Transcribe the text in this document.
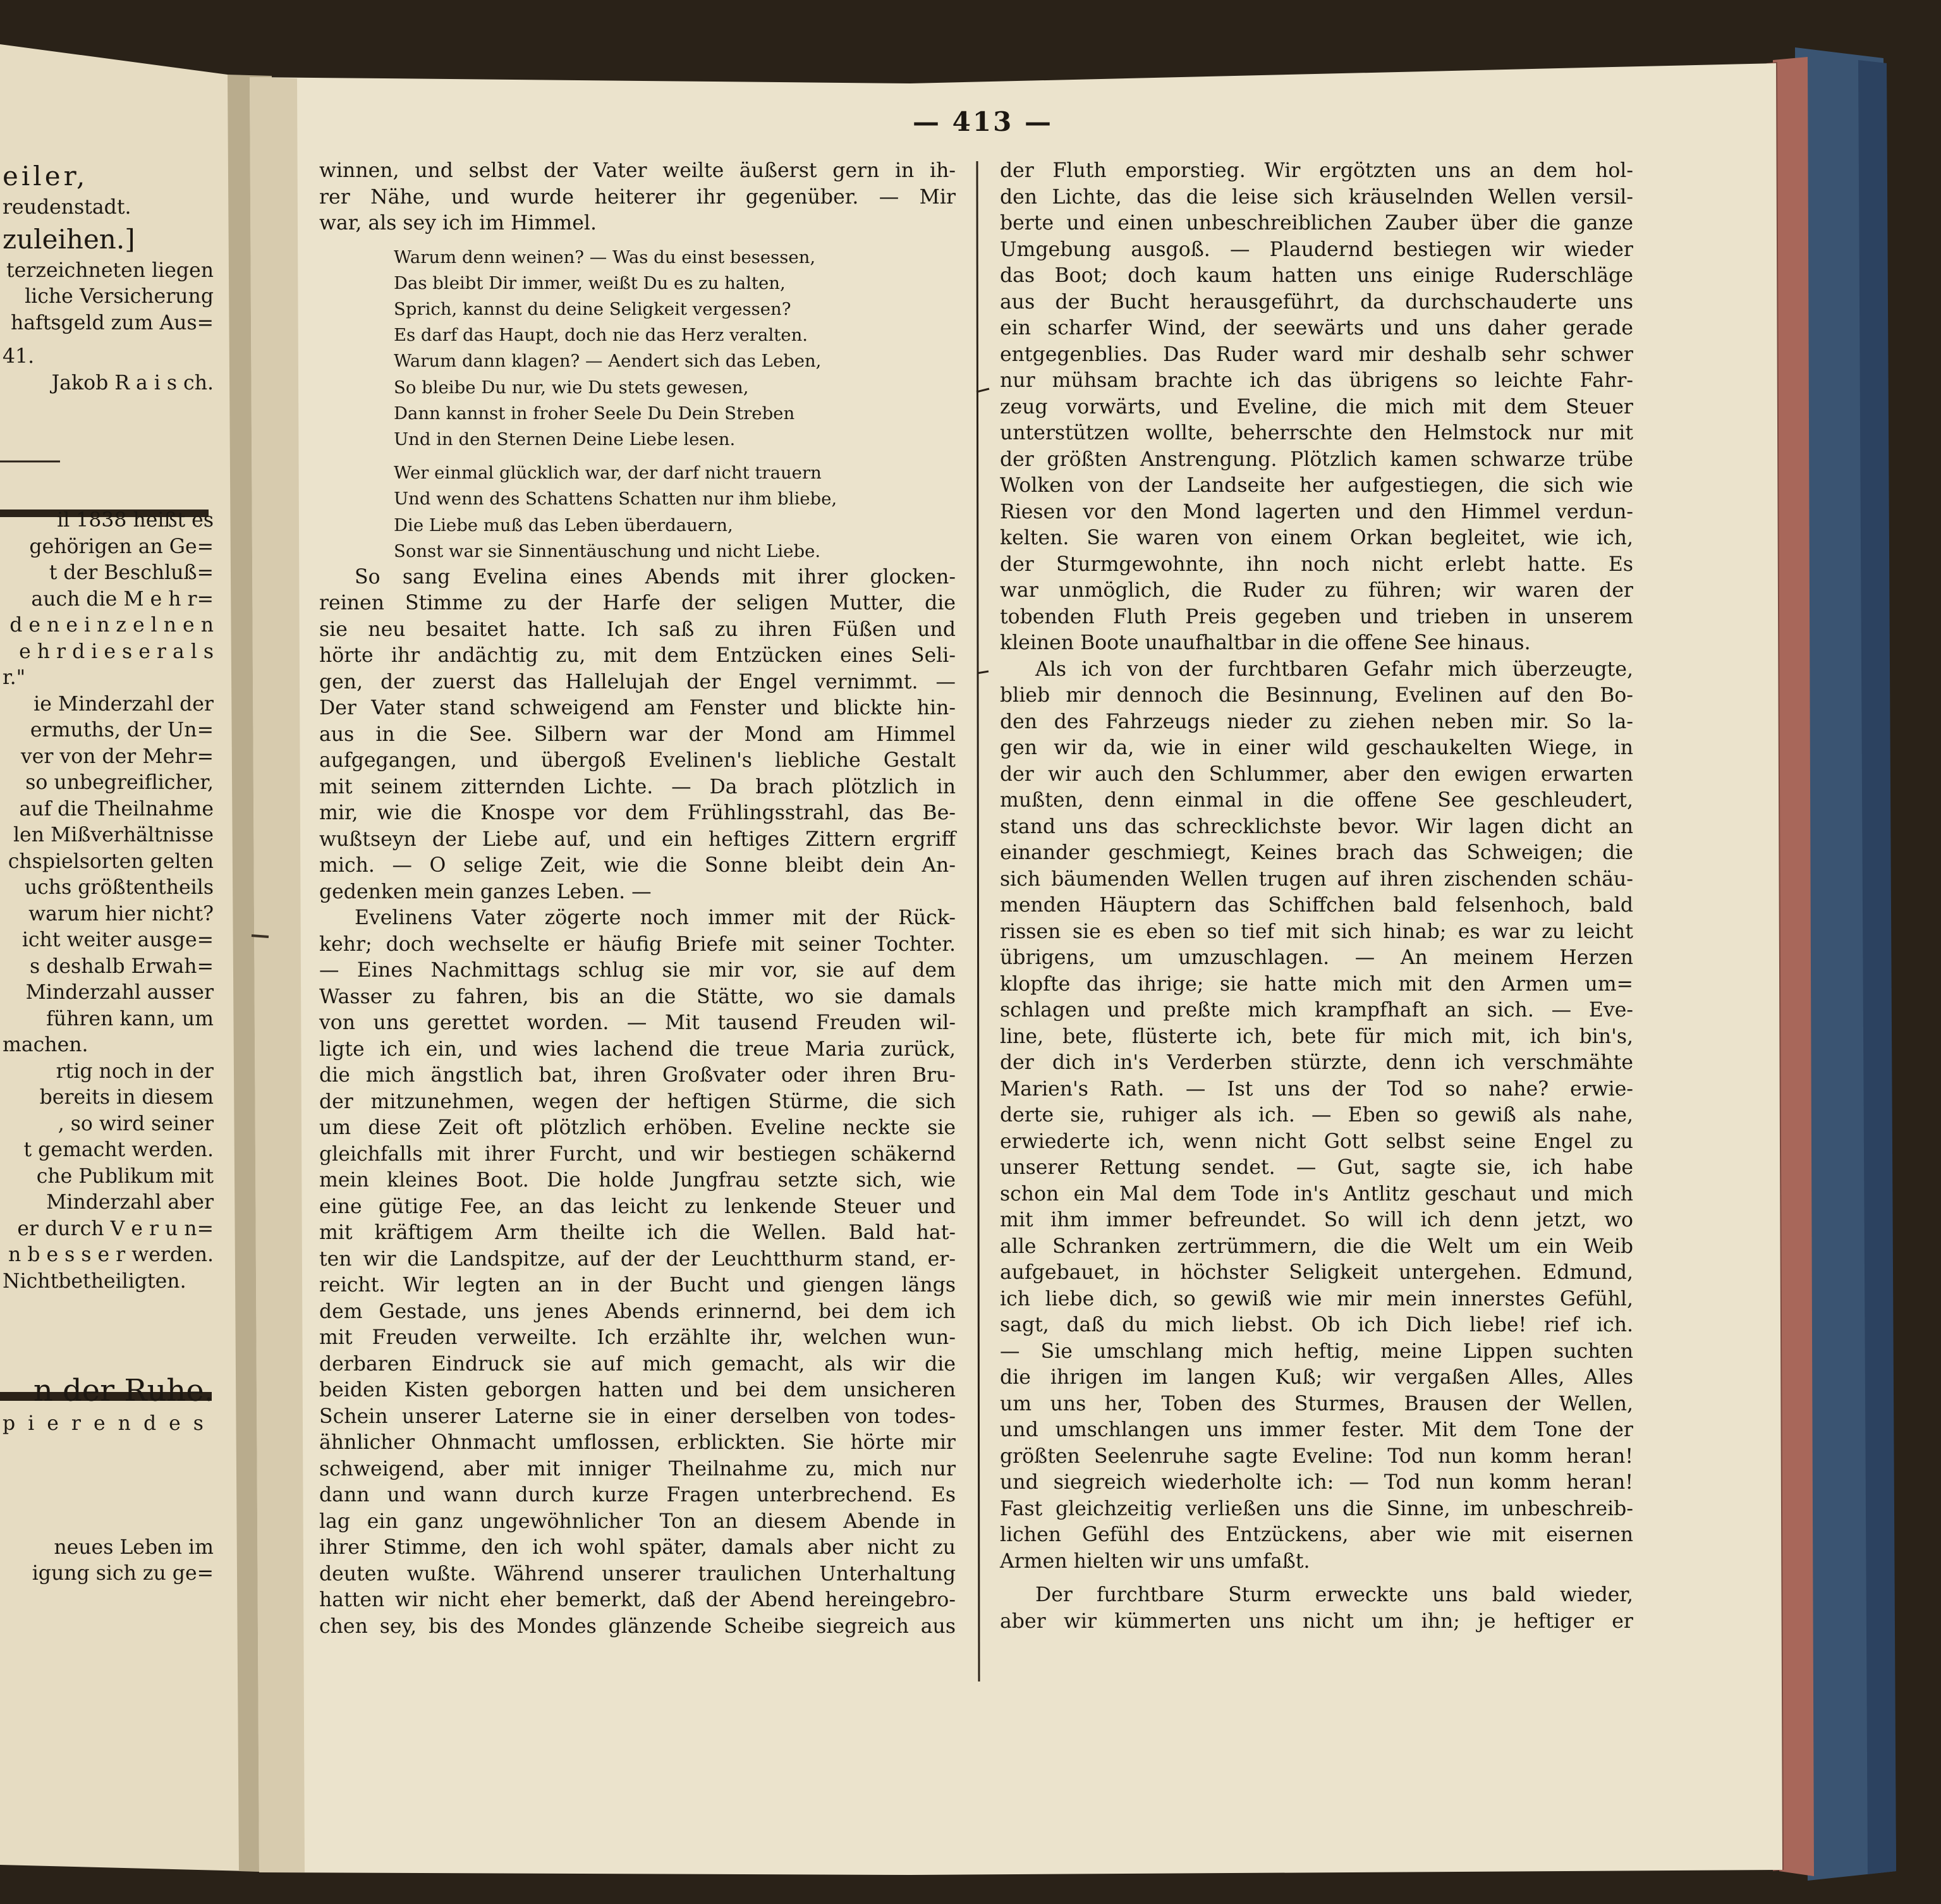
— 413 —
eiler,
reudenstadt.
zuleihen.]
terzeichneten liegen
liche Versicherung
haftsgeld zum Aus=
41.
Jakob R a i s ch.
il 1838 heißt es
gehörigen an Ge=
t der Beschluß=
auch die M e h r=
d e n e i n z e l n e n
e h r d i e s e r a l s
r."
ie Minderzahl der
ermuths, der Un=
ver von der Mehr=
so unbegreiflicher,
auf die Theilnahme
len Mißverhältnisse
chspielsorten gelten
uchs größtentheils
warum hier nicht?
icht weiter ausge=
s deshalb Erwah=
Minderzahl ausser
führen kann, um
machen.
rtig noch in der
bereits in diesem
, so wird seiner
t gemacht werden.
che Publikum mit
Minderzahl aber
er durch V e r u n=
n b e s s e r werden.
Nichtbetheiligten.
n der Ruhe.
p i e r e n d e s
neues Leben im
igung sich zu ge=
winnen, und selbst der Vater weilte äußerst gern in ih-
rer Nähe, und wurde heiterer ihr gegenüber. — Mir
war, als sey ich im Himmel.
Warum denn weinen? — Was du einst besessen,
Das bleibt Dir immer, weißt Du es zu halten,
Sprich, kannst du deine Seligkeit vergessen?
Es darf das Haupt, doch nie das Herz veralten.
Warum dann klagen? — Aendert sich das Leben,
So bleibe Du nur, wie Du stets gewesen,
Dann kannst in froher Seele Du Dein Streben
Und in den Sternen Deine Liebe lesen.
Wer einmal glücklich war, der darf nicht trauern
Und wenn des Schattens Schatten nur ihm bliebe,
Die Liebe muß das Leben überdauern,
Sonst war sie Sinnentäuschung und nicht Liebe.
So sang Evelina eines Abends mit ihrer glocken-
reinen Stimme zu der Harfe der seligen Mutter, die
sie neu besaitet hatte. Ich saß zu ihren Füßen und
hörte ihr andächtig zu, mit dem Entzücken eines Seli-
gen, der zuerst das Hallelujah der Engel vernimmt. —
Der Vater stand schweigend am Fenster und blickte hin-
aus in die See. Silbern war der Mond am Himmel
aufgegangen, und übergoß Evelinen's liebliche Gestalt
mit seinem zitternden Lichte. — Da brach plötzlich in
mir, wie die Knospe vor dem Frühlingsstrahl, das Be-
wußtseyn der Liebe auf, und ein heftiges Zittern ergriff
mich. — O selige Zeit, wie die Sonne bleibt dein An-
gedenken mein ganzes Leben. —
Evelinens Vater zögerte noch immer mit der Rück-
kehr; doch wechselte er häufig Briefe mit seiner Tochter.
— Eines Nachmittags schlug sie mir vor, sie auf dem
Wasser zu fahren, bis an die Stätte, wo sie damals
von uns gerettet worden. — Mit tausend Freuden wil-
ligte ich ein, und wies lachend die treue Maria zurück,
die mich ängstlich bat, ihren Großvater oder ihren Bru-
der mitzunehmen, wegen der heftigen Stürme, die sich
um diese Zeit oft plötzlich erhöben. Eveline neckte sie
gleichfalls mit ihrer Furcht, und wir bestiegen schäkernd
mein kleines Boot. Die holde Jungfrau setzte sich, wie
eine gütige Fee, an das leicht zu lenkende Steuer und
mit kräftigem Arm theilte ich die Wellen. Bald hat-
ten wir die Landspitze, auf der der Leuchtthurm stand, er-
reicht. Wir legten an in der Bucht und giengen längs
dem Gestade, uns jenes Abends erinnernd, bei dem ich
mit Freuden verweilte. Ich erzählte ihr, welchen wun-
derbaren Eindruck sie auf mich gemacht, als wir die
beiden Kisten geborgen hatten und bei dem unsicheren
Schein unserer Laterne sie in einer derselben von todes-
ähnlicher Ohnmacht umflossen, erblickten. Sie hörte mir
schweigend, aber mit inniger Theilnahme zu, mich nur
dann und wann durch kurze Fragen unterbrechend. Es
lag ein ganz ungewöhnlicher Ton an diesem Abende in
ihrer Stimme, den ich wohl später, damals aber nicht zu
deuten wußte. Während unserer traulichen Unterhaltung
hatten wir nicht eher bemerkt, daß der Abend hereingebro-
chen sey, bis des Mondes glänzende Scheibe siegreich aus
der Fluth emporstieg. Wir ergötzten uns an dem hol-
den Lichte, das die leise sich kräuselnden Wellen versil-
berte und einen unbeschreiblichen Zauber über die ganze
Umgebung ausgoß. — Plaudernd bestiegen wir wieder
das Boot; doch kaum hatten uns einige Ruderschläge
aus der Bucht herausgeführt, da durchschauderte uns
ein scharfer Wind, der seewärts und uns daher gerade
entgegenblies. Das Ruder ward mir deshalb sehr schwer
nur mühsam brachte ich das übrigens so leichte Fahr-
zeug vorwärts, und Eveline, die mich mit dem Steuer
unterstützen wollte, beherrschte den Helmstock nur mit
der größten Anstrengung. Plötzlich kamen schwarze trübe
Wolken von der Landseite her aufgestiegen, die sich wie
Riesen vor den Mond lagerten und den Himmel verdun-
kelten. Sie waren von einem Orkan begleitet, wie ich,
der Sturmgewohnte, ihn noch nicht erlebt hatte. Es
war unmöglich, die Ruder zu führen; wir waren der
tobenden Fluth Preis gegeben und trieben in unserem
kleinen Boote unaufhaltbar in die offene See hinaus.
Als ich von der furchtbaren Gefahr mich überzeugte,
blieb mir dennoch die Besinnung, Evelinen auf den Bo-
den des Fahrzeugs nieder zu ziehen neben mir. So la-
gen wir da, wie in einer wild geschaukelten Wiege, in
der wir auch den Schlummer, aber den ewigen erwarten
mußten, denn einmal in die offene See geschleudert,
stand uns das schrecklichste bevor. Wir lagen dicht an
einander geschmiegt, Keines brach das Schweigen; die
sich bäumenden Wellen trugen auf ihren zischenden schäu-
menden Häuptern das Schiffchen bald felsenhoch, bald
rissen sie es eben so tief mit sich hinab; es war zu leicht
übrigens, um umzuschlagen. — An meinem Herzen
klopfte das ihrige; sie hatte mich mit den Armen um=
schlagen und preßte mich krampfhaft an sich. — Eve-
line, bete, flüsterte ich, bete für mich mit, ich bin's,
der dich in's Verderben stürzte, denn ich verschmähte
Marien's Rath. — Ist uns der Tod so nahe? erwie-
derte sie, ruhiger als ich. — Eben so gewiß als nahe,
erwiederte ich, wenn nicht Gott selbst seine Engel zu
unserer Rettung sendet. — Gut, sagte sie, ich habe
schon ein Mal dem Tode in's Antlitz geschaut und mich
mit ihm immer befreundet. So will ich denn jetzt, wo
alle Schranken zertrümmern, die die Welt um ein Weib
aufgebauet, in höchster Seligkeit untergehen. Edmund,
ich liebe dich, so gewiß wie mir mein innerstes Gefühl,
sagt, daß du mich liebst. Ob ich Dich liebe! rief ich.
— Sie umschlang mich heftig, meine Lippen suchten
die ihrigen im langen Kuß; wir vergaßen Alles, Alles
um uns her, Toben des Sturmes, Brausen der Wellen,
und umschlangen uns immer fester. Mit dem Tone der
größten Seelenruhe sagte Eveline: Tod nun komm heran!
und siegreich wiederholte ich: — Tod nun komm heran!
Fast gleichzeitig verließen uns die Sinne, im unbeschreib-
lichen Gefühl des Entzückens, aber wie mit eisernen
Armen hielten wir uns umfaßt.
Der furchtbare Sturm erweckte uns bald wieder,
aber wir kümmerten uns nicht um ihn; je heftiger er
